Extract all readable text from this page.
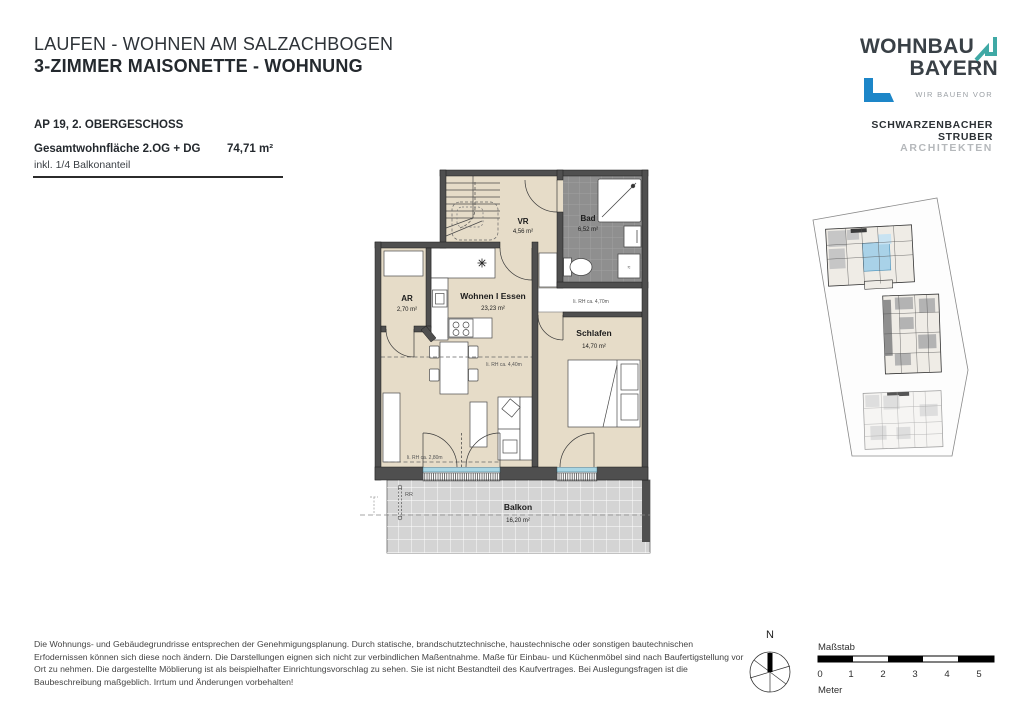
LAUFEN - WOHNEN AM SALZACHBOGEN
3-ZIMMER MAISONETTE - WOHNUNG
AP 19, 2. OBERGESCHOSS
Gesamtwohnfläche 2.OG + DG 74,71 m²
inkl. 1/4 Balkonanteil
WOHNBAU
BAYERN
WIR BAUEN VOR
SCHWARZENBACHER
STRUBER
ARCHITEKTEN
RR
Balkon
16,20 m²
≈
li. RH ca. 4,70m
li. RH ca. 4,40m
li. RH ca. 2,80m
VR
4,56 m²
Bad
6,52 m²
AR
2,70 m²
Wohnen I Essen
23,23 m²
Schlafen
14,70 m²
Die Wohnungs- und Gebäudegrundrisse entsprechen der Genehmigungsplanung. Durch statische, brandschutztechnische, haustechnische oder sonstigen bautechnischen Erfodernissen können sich diese noch ändern. Die Darstellungen eignen sich nicht zur verbindlichen Maßentnahme. Maße für Einbau- und Küchenmöbel sind nach Baufertigstellung vor Ort zu nehmen. Die dargestellte Möblierung ist als beispielhafter Einrichtungsvorschlag zu sehen. Sie ist nicht Bestandteil des Kaufvertrages. Bei Auslegungsfragen ist die Baubeschreibung maßgeblich. Irrtum und Änderungen vorbehalten!
N
Maßstab
0	1	2	3	4	5
Meter
